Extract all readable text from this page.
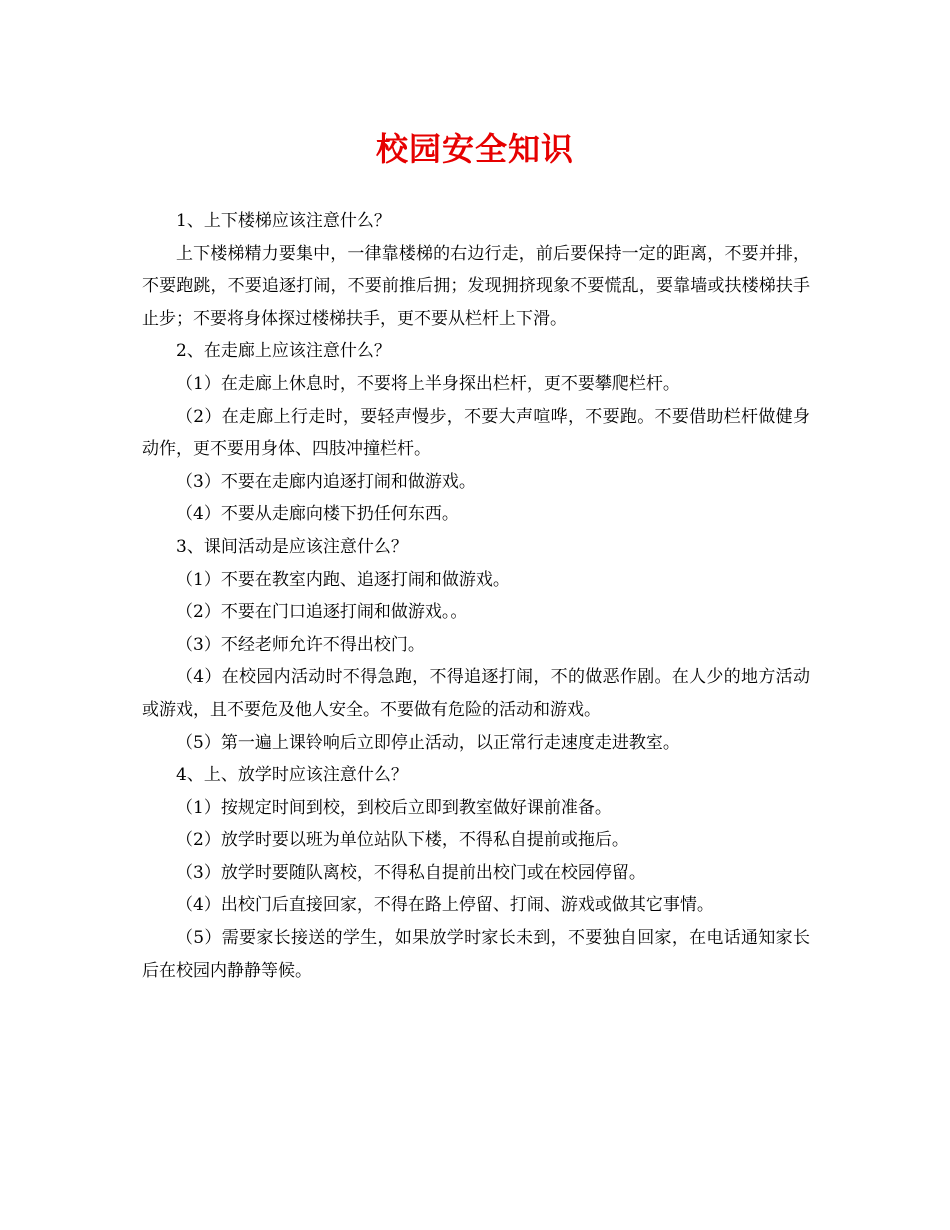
校园安全知识

1、上下楼梯应该注意什么？

上下楼梯精力要集中，一律靠楼梯的右边行走，前后要保持一定的距离，不要并排，不要跑跳，不要追逐打闹，不要前推后拥；发现拥挤现象不要慌乱，要靠墙或扶楼梯扶手止步；不要将身体探过楼梯扶手，更不要从栏杆上下滑。

2、在走廊上应该注意什么？

（1）在走廊上休息时，不要将上半身探出栏杆，更不要攀爬栏杆。

（2）在走廊上行走时，要轻声慢步，不要大声喧哗，不要跑。不要借助栏杆做健身动作，更不要用身体、四肢冲撞栏杆。

（3）不要在走廊内追逐打闹和做游戏。

（4）不要从走廊向楼下扔任何东西。

3、课间活动是应该注意什么？

（1）不要在教室内跑、追逐打闹和做游戏。

（2）不要在门口追逐打闹和做游戏。。

（3）不经老师允许不得出校门。

（4）在校园内活动时不得急跑，不得追逐打闹，不的做恶作剧。在人少的地方活动或游戏，且不要危及他人安全。不要做有危险的活动和游戏。

（5）第一遍上课铃响后立即停止活动，以正常行走速度走进教室。

4、上、放学时应该注意什么？

（1）按规定时间到校，到校后立即到教室做好课前准备。

（2）放学时要以班为单位站队下楼，不得私自提前或拖后。

（3）放学时要随队离校，不得私自提前出校门或在校园停留。

（4）出校门后直接回家，不得在路上停留、打闹、游戏或做其它事情。

（5）需要家长接送的学生，如果放学时家长未到，不要独自回家，在电话通知家长后在校园内静静等候。
